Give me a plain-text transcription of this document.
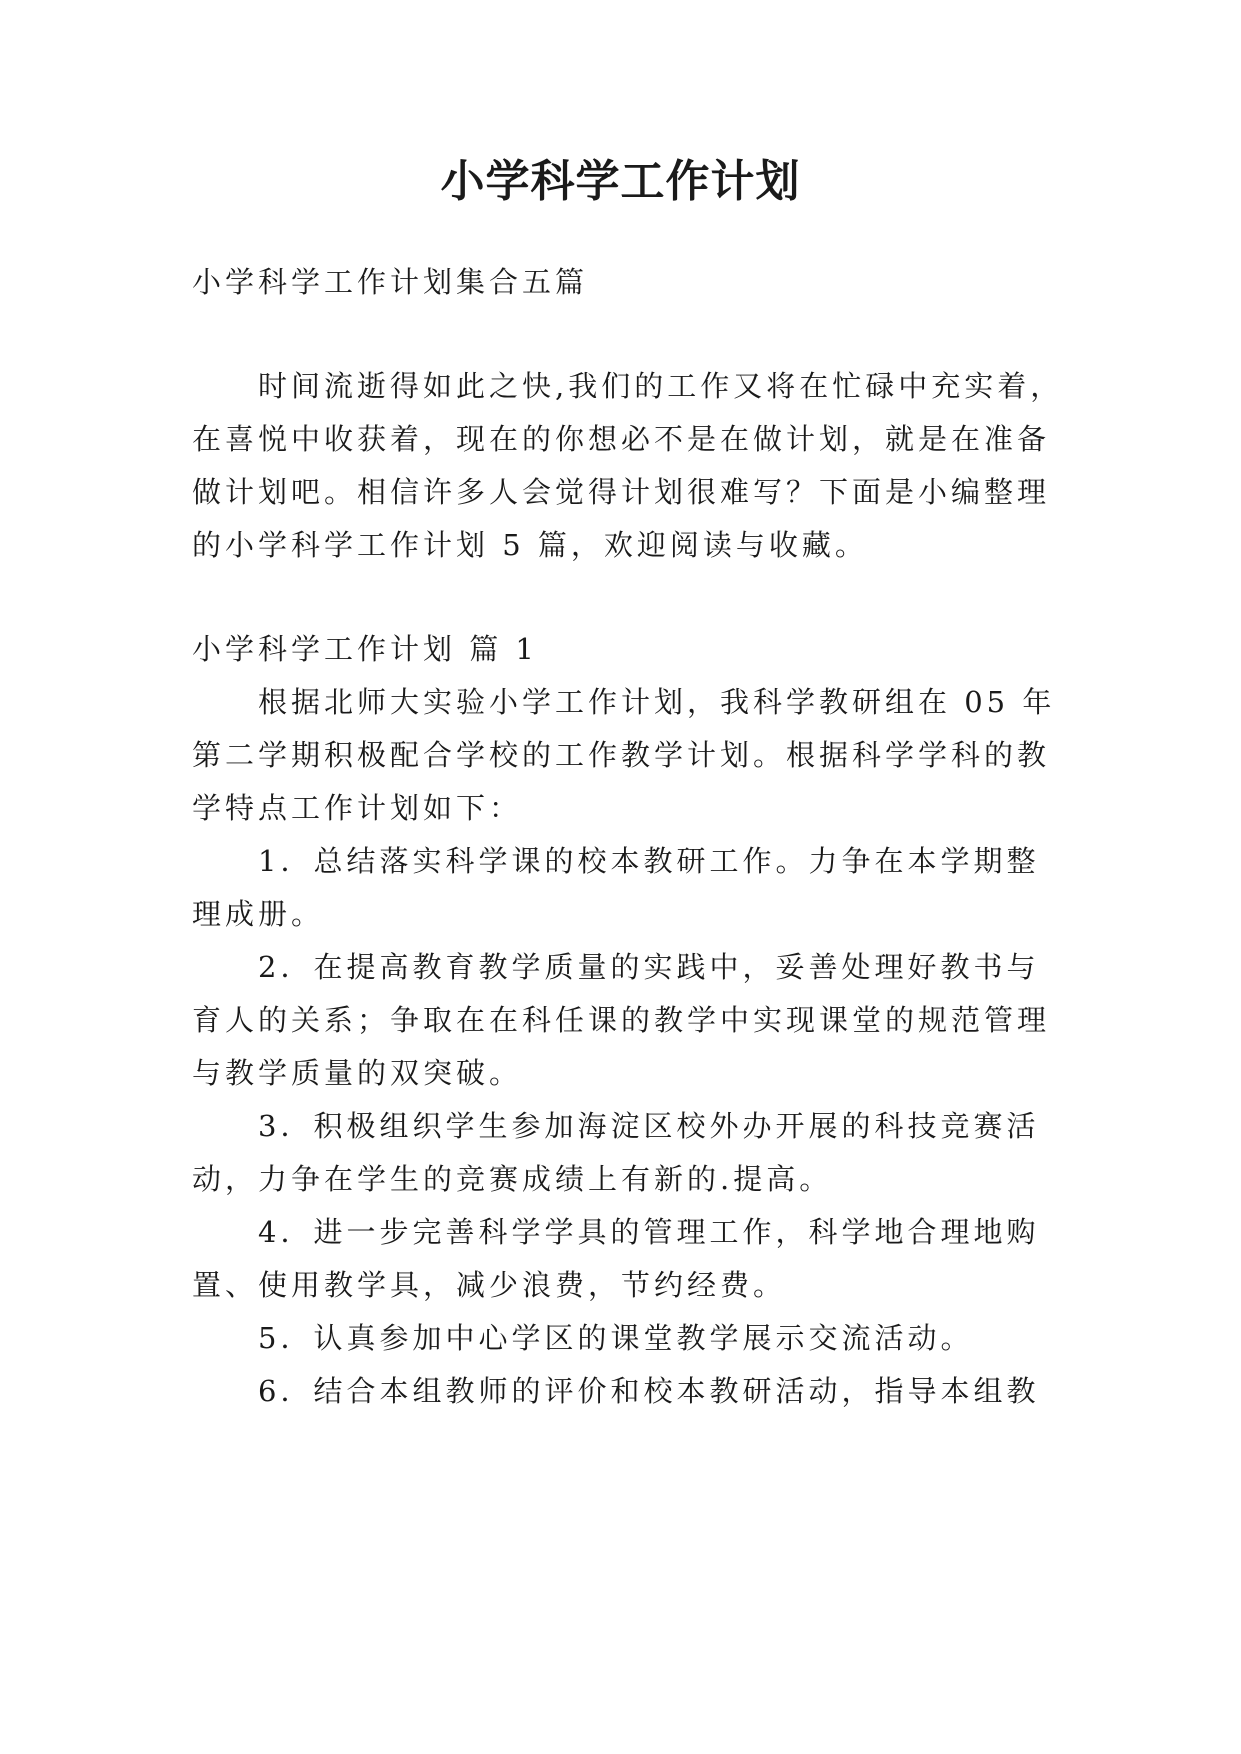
小学科学工作计划

小学科学工作计划集合五篇

时间流逝得如此之快,我们的工作又将在忙碌中充实着，

在喜悦中收获着，现在的你想必不是在做计划，就是在准备

做计划吧。相信许多人会觉得计划很难写？下面是小编整理

的小学科学工作计划 5 篇，欢迎阅读与收藏。

小学科学工作计划 篇 1

根据北师大实验小学工作计划，我科学教研组在 05 年

第二学期积极配合学校的工作教学计划。根据科学学科的教

学特点工作计划如下：

1．总结落实科学课的校本教研工作。力争在本学期整

理成册。

2．在提高教育教学质量的实践中，妥善处理好教书与

育人的关系；争取在在科任课的教学中实现课堂的规范管理

与教学质量的双突破。

3．积极组织学生参加海淀区校外办开展的科技竞赛活

动，力争在学生的竞赛成绩上有新的.提高。

4．进一步完善科学学具的管理工作，科学地合理地购

置、使用教学具，减少浪费，节约经费。

5．认真参加中心学区的课堂教学展示交流活动。

6．结合本组教师的评价和校本教研活动，指导本组教
